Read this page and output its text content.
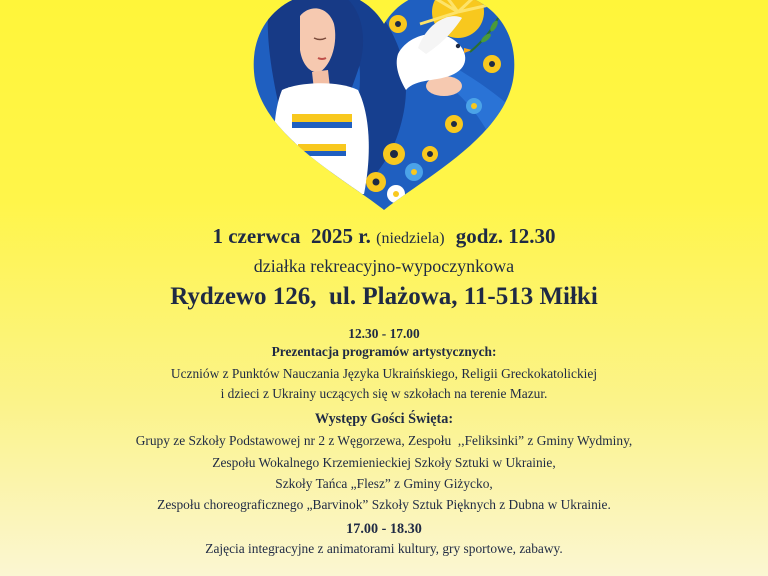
1 czerwca  2025 r. (niedziela) godz. 12.30
działka rekreacyjno-wypoczynkowa
Rydzewo 126,  ul. Plażowa, 11-513 Miłki
12.30 - 17.00
Prezentacja programów artystycznych:
Uczniów z Punktów Nauczania Języka Ukraińskiego, Religii Greckokatolickiej
i dzieci z Ukrainy uczących się w szkołach na terenie Mazur.
Występy Gości Święta:
Grupy ze Szkoły Podstawowej nr 2 z Węgorzewa, Zespołu  ,,Feliksinki” z Gminy Wydminy,
Zespołu Wokalnego Krzemienieckiej Szkoły Sztuki w Ukrainie,
Szkoły Tańca „Flesz” z Gminy Giżycko,
Zespołu choreograficznego „Barvinok” Szkoły Sztuk Pięknych z Dubna w Ukrainie.
17.00 - 18.30
Zajęcia integracyjne z animatorami kultury, gry sportowe, zabawy.
